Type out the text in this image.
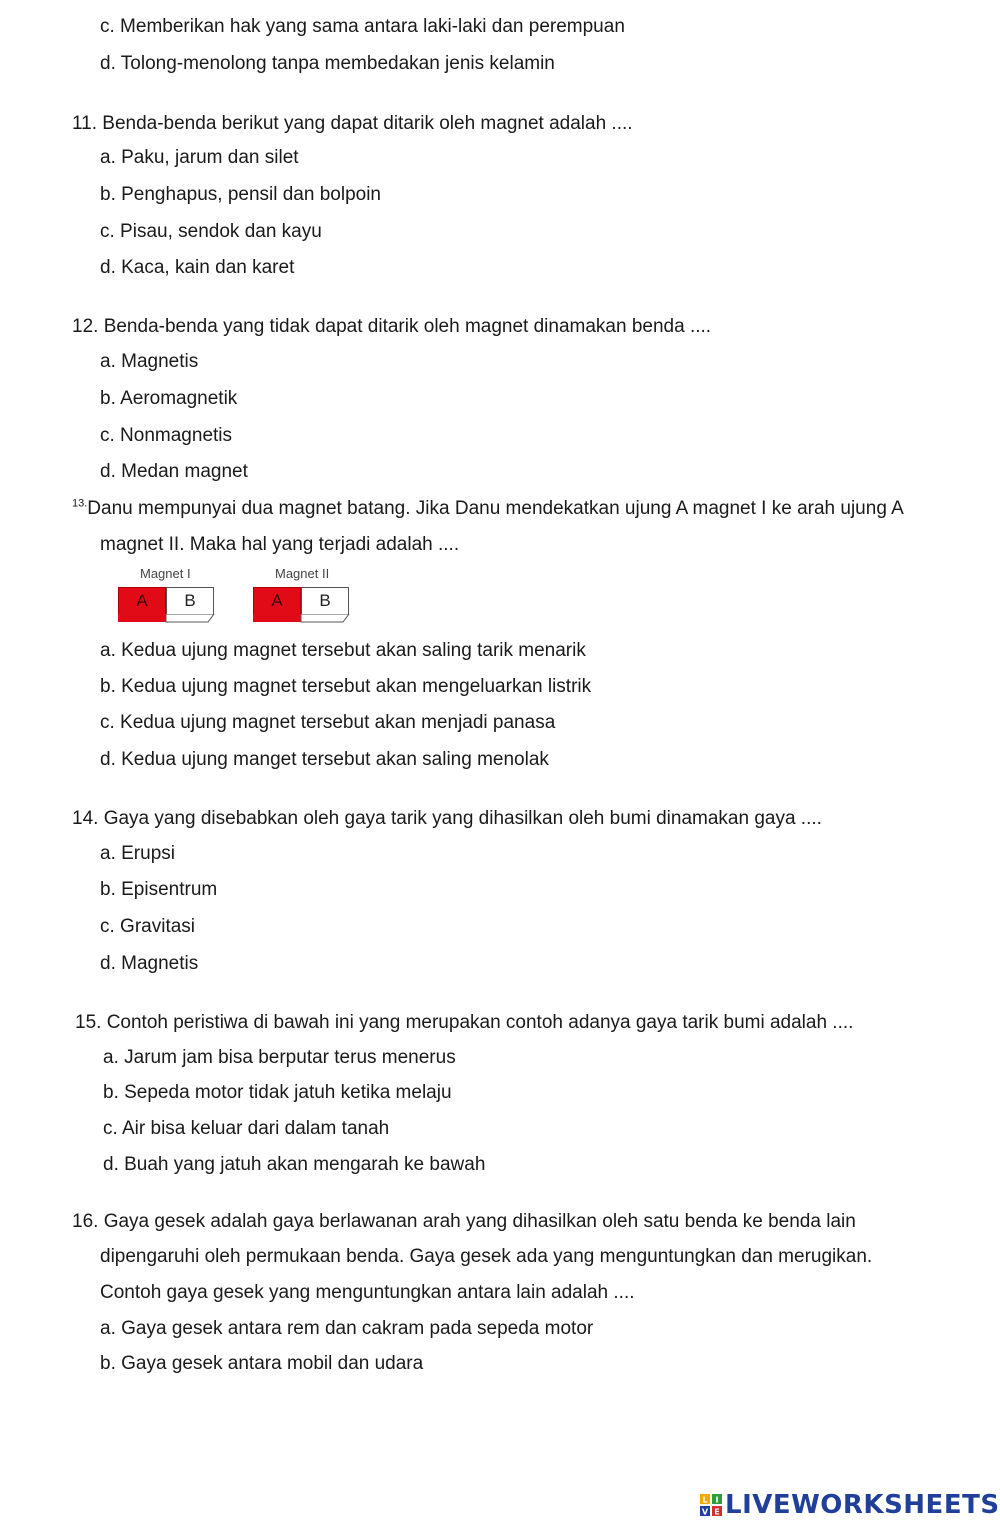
c. Memberikan hak yang sama antara laki-laki dan perempuan
d. Tolong-menolong tanpa membedakan jenis kelamin
11. Benda-benda berikut yang dapat ditarik oleh magnet adalah ....
a. Paku, jarum dan silet
b. Penghapus, pensil dan bolpoin
c. Pisau, sendok dan kayu
d. Kaca, kain dan karet
12. Benda-benda yang tidak dapat ditarik oleh magnet dinamakan benda ....
a. Magnetis
b. Aeromagnetik
c. Nonmagnetis
d. Medan magnet
$^{13.}$Danu mempunyai dua magnet batang. Jika Danu mendekatkan ujung A magnet I ke arah ujung A
magnet II. Maka hal yang terjadi adalah ....
Magnet I
A	B
Magnet II
A	B
a. Kedua ujung magnet tersebut akan saling tarik menarik
b. Kedua ujung magnet tersebut akan mengeluarkan listrik
c. Kedua ujung magnet tersebut akan menjadi panasa
d. Kedua ujung manget tersebut akan saling menolak
14. Gaya yang disebabkan oleh gaya tarik yang dihasilkan oleh bumi dinamakan gaya ....
a. Erupsi
b. Episentrum
c. Gravitasi
d. Magnetis
15. Contoh peristiwa di bawah ini yang merupakan contoh adanya gaya tarik bumi adalah ....
a. Jarum jam bisa berputar terus menerus
b. Sepeda motor tidak jatuh ketika melaju
c. Air bisa keluar dari dalam tanah
d. Buah yang jatuh akan mengarah ke bawah
16. Gaya gesek adalah gaya berlawanan arah yang dihasilkan oleh satu benda ke benda lain
dipengaruhi oleh permukaan benda. Gaya gesek ada yang menguntungkan dan merugikan.
Contoh gaya gesek yang menguntungkan antara lain adalah ....
a. Gaya gesek antara rem dan cakram pada sepeda motor
b. Gaya gesek antara mobil dan udara
L I
V E LIVEWORKSHEETS
